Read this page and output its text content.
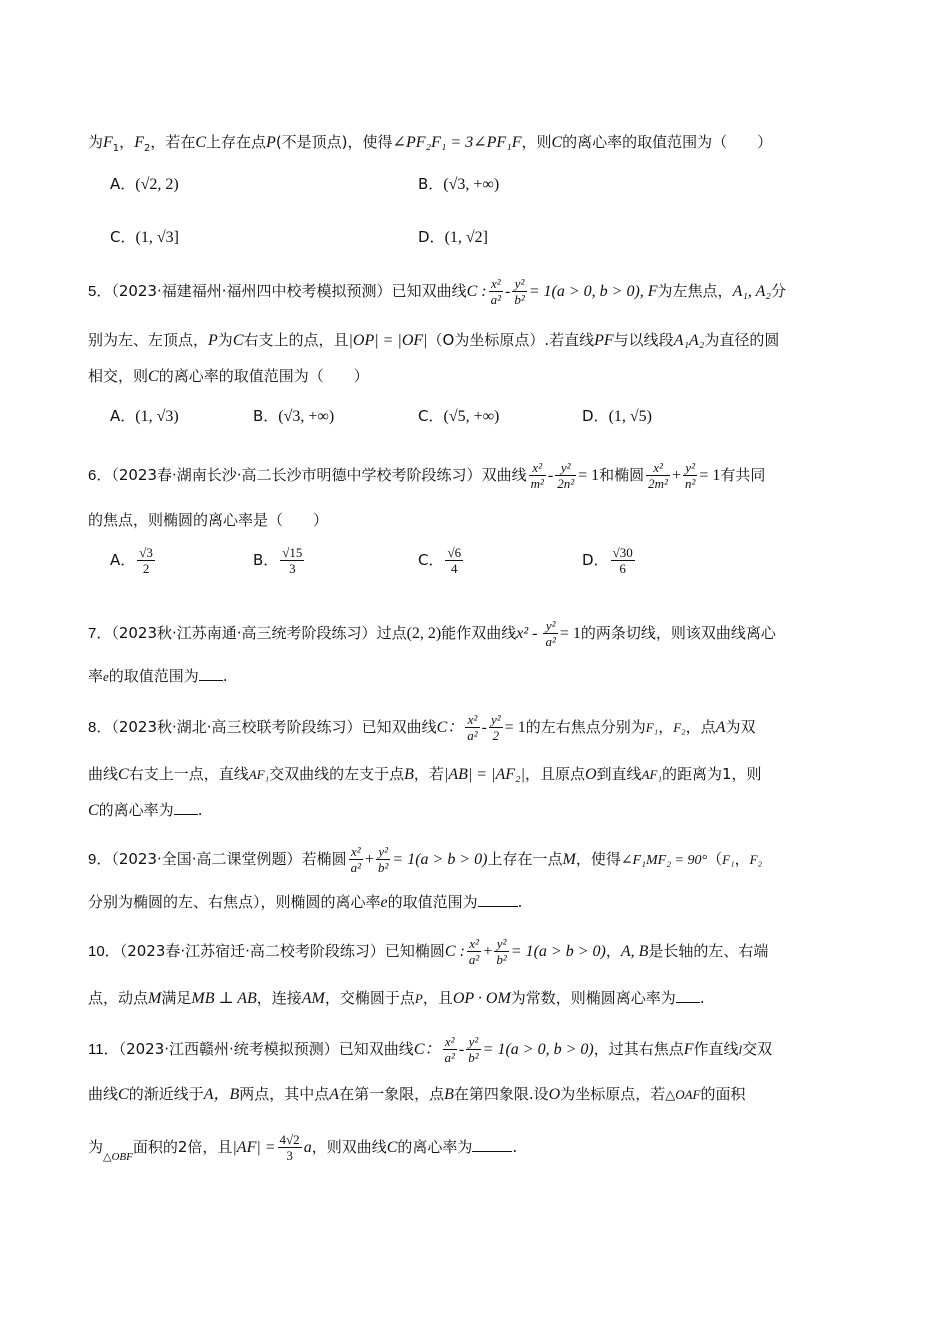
为$F_1$，$F_2$，若在C上存在点P(不是顶点)，使得∠PF₂F₁ = 3∠PF₁F，则C的离心率的取值范围为（　　）
A．(√2, 2)	B．(√3, +∞)
C．(1, √3]	D．(1, √2]
5．（2023·福建福州·福州四中校考模拟预测）已知双曲线C : $\frac{\text{x²}}{\text{a²}} - \frac{\text{y²}}{\text{b²}} = 1(a > 0$, b > 0), F为左焦点，A₁, A₂分
别为左、左顶点，P为C右支上的点，且|OP| = |OF|（O为坐标原点）.若直线PF与以线段A₁A₂为直径的圆
相交，则C的离心率的取值范围为（　　）
A．(1, √3)	B．(√3, +∞)	C．(√5, +∞)	D．(1, √5)
6．（2023春·湖南长沙·高二长沙市明德中学校考阶段练习）双曲线 $\frac{\text{x²}}{\text{m²}} - \frac{\text{y²}}{\text{2n²}} = 1$和椭圆 $\frac{\text{x²}}{\text{2m²}} + \frac{\text{y²}}{\text{n²}} = 1$有共同
的焦点，则椭圆的离心率是（　　）
A． $\frac{√3}{2}$	B． $\frac{√15}{3}$	C． $\frac{√6}{4}$	D． $\frac{√30}{6}$
7．（2023秋·江苏南通·高三统考阶段练习）过点(2, 2)能作双曲线$x^2 - \frac{\text{y²}}{\text{a²}} = 1$的两条切线，则该双曲线离心
率e的取值范围为 .
8．（2023秋·湖北·高三校联考阶段练习）已知双曲线C： $\frac{\text{x²}}{\text{a²}} - \frac{\text{y²}}{2} = 1$的左右焦点分别为F₁，F₂，点A为双
曲线C右支上一点，直线AF₁交双曲线的左支于点B，若|AB| = |AF₂|，且原点O到直线AF₁的距离为1，则
C的离心率为 .
9．（2023·全国·高二课堂例题）若椭圆 $\frac{\text{x²}}{\text{a²}} + \frac{\text{y²}}{\text{b²}} = 1(a > b > 0)$上存在一点M，使得∠F₁MF₂ = 90°（F₁，F₂
分别为椭圆的左、右焦点），则椭圆的离心率e的取值范围为	.
10．（2023春·江苏宿迁·高二校考阶段练习）已知椭圆C : $\frac{\text{x²}}{\text{a²}} + \frac{\text{y²}}{\text{b²}} = 1(a > b > 0)$，A, B是长轴的左、右端
点，动点M满足MB ⊥ AB，连接AM，交椭圆于点P，且OP · OM为常数，则椭圆离心率为 .
11．（2023·江西赣州·统考模拟预测）已知双曲线C： $\frac{\text{x²}}{\text{a²}} - \frac{\text{y²}}{\text{b²}} = 1(a > 0$, b > 0)，过其右焦点F作直线l交双
曲线C的渐近线于A，B两点，其中点A在第一象限，点B在第四象限.设O为坐标原点，若△OAF的面积
为$_{\triangle OBF}$面积的2倍，且$|AF| = \frac{4√2}{3}$ a，则双曲线C的离心率为	.
